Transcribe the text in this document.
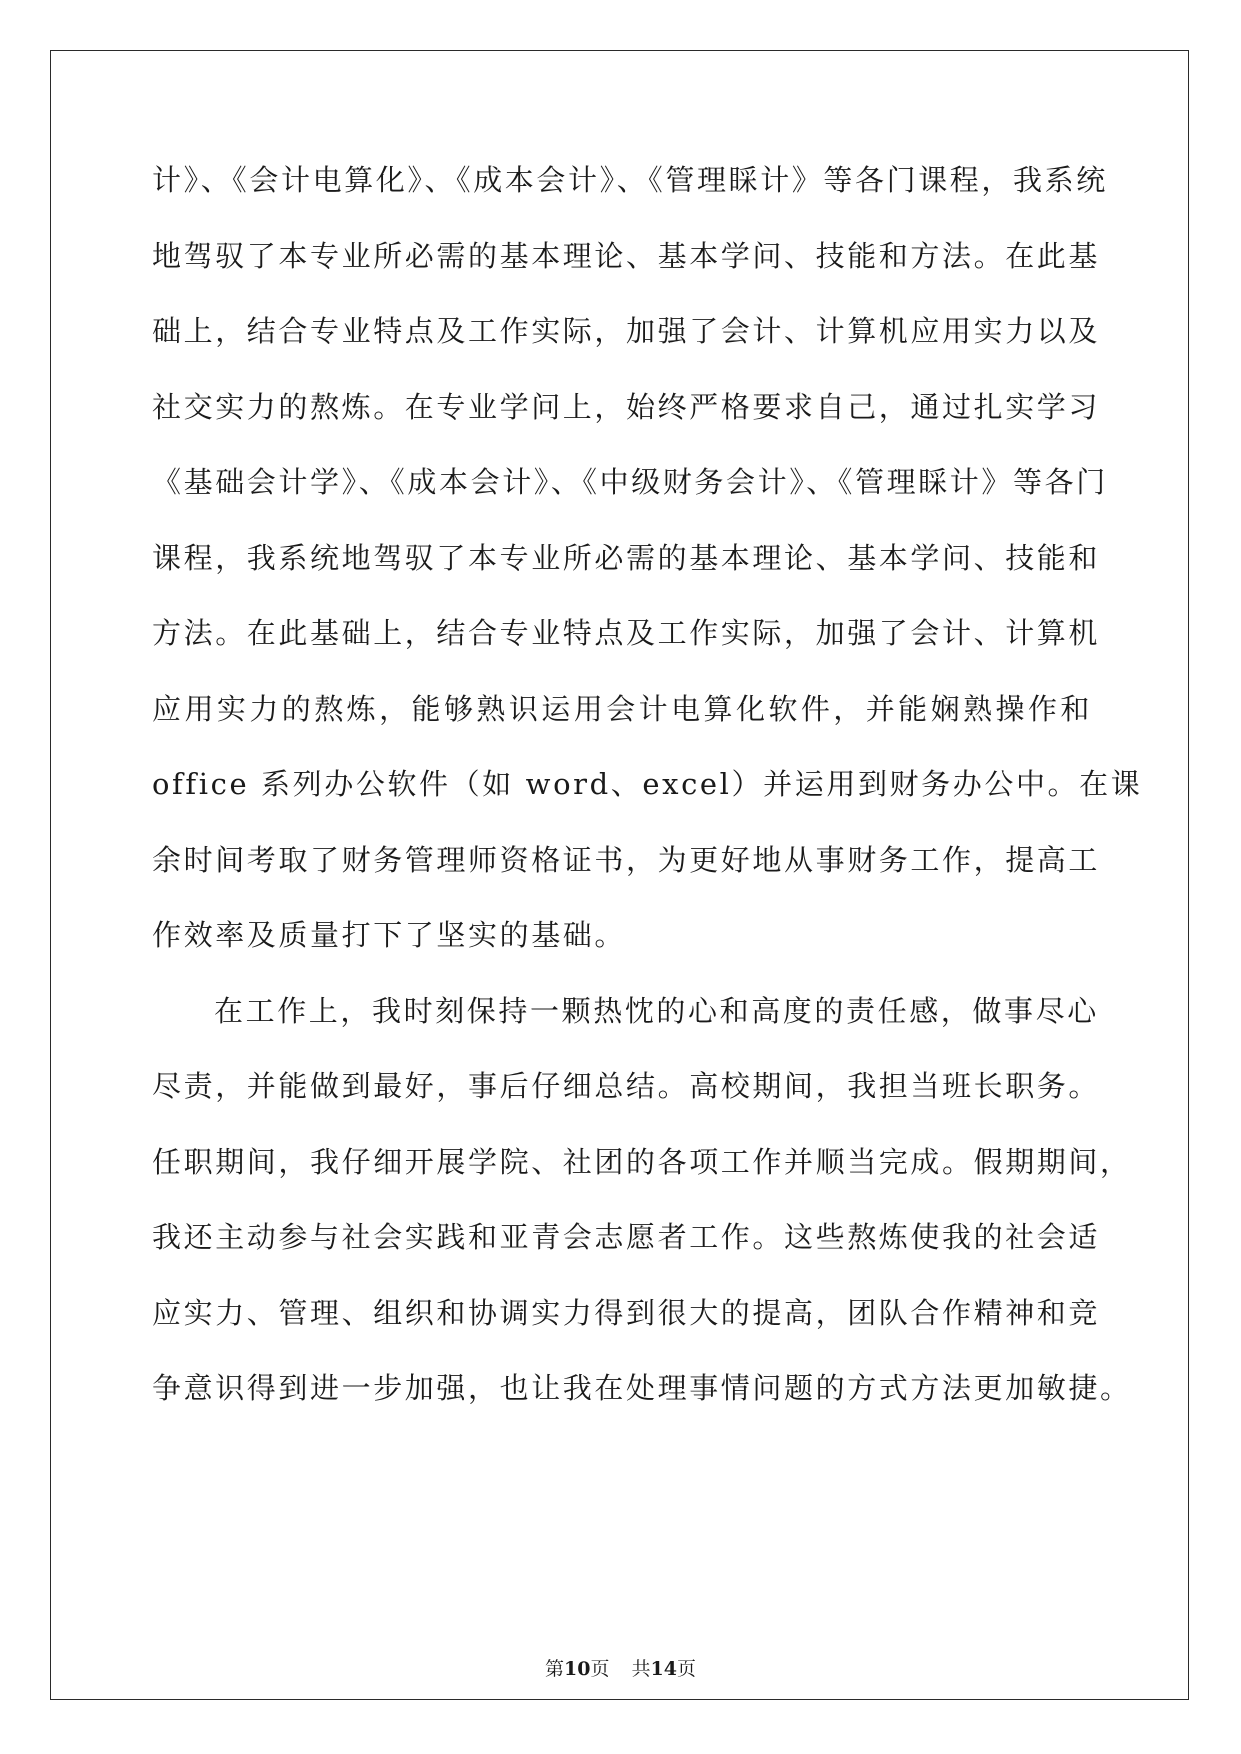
计》、《会计电算化》、《成本会计》、《管理睬计》等各门课程，我系统
地驾驭了本专业所必需的基本理论、基本学问、技能和方法。在此基
础上，结合专业特点及工作实际，加强了会计、计算机应用实力以及
社交实力的熬炼。在专业学问上，始终严格要求自己，通过扎实学习
《基础会计学》、《成本会计》、《中级财务会计》、《管理睬计》等各门
课程，我系统地驾驭了本专业所必需的基本理论、基本学问、技能和
方法。在此基础上，结合专业特点及工作实际，加强了会计、计算机
应用实力的熬炼，能够熟识运用会计电算化软件，并能娴熟操作和
office 系列办公软件（如 word、excel）并运用到财务办公中。在课
余时间考取了财务管理师资格证书，为更好地从事财务工作，提高工
作效率及质量打下了坚实的基础。
在工作上，我时刻保持一颗热忱的心和高度的责任感，做事尽心
尽责，并能做到最好，事后仔细总结。高校期间，我担当班长职务。
任职期间，我仔细开展学院、社团的各项工作并顺当完成。假期期间，
我还主动参与社会实践和亚青会志愿者工作。这些熬炼使我的社会适
应实力、管理、组织和协调实力得到很大的提高，团队合作精神和竞
争意识得到进一步加强，也让我在处理事情问题的方式方法更加敏捷。
第10页 共14页
